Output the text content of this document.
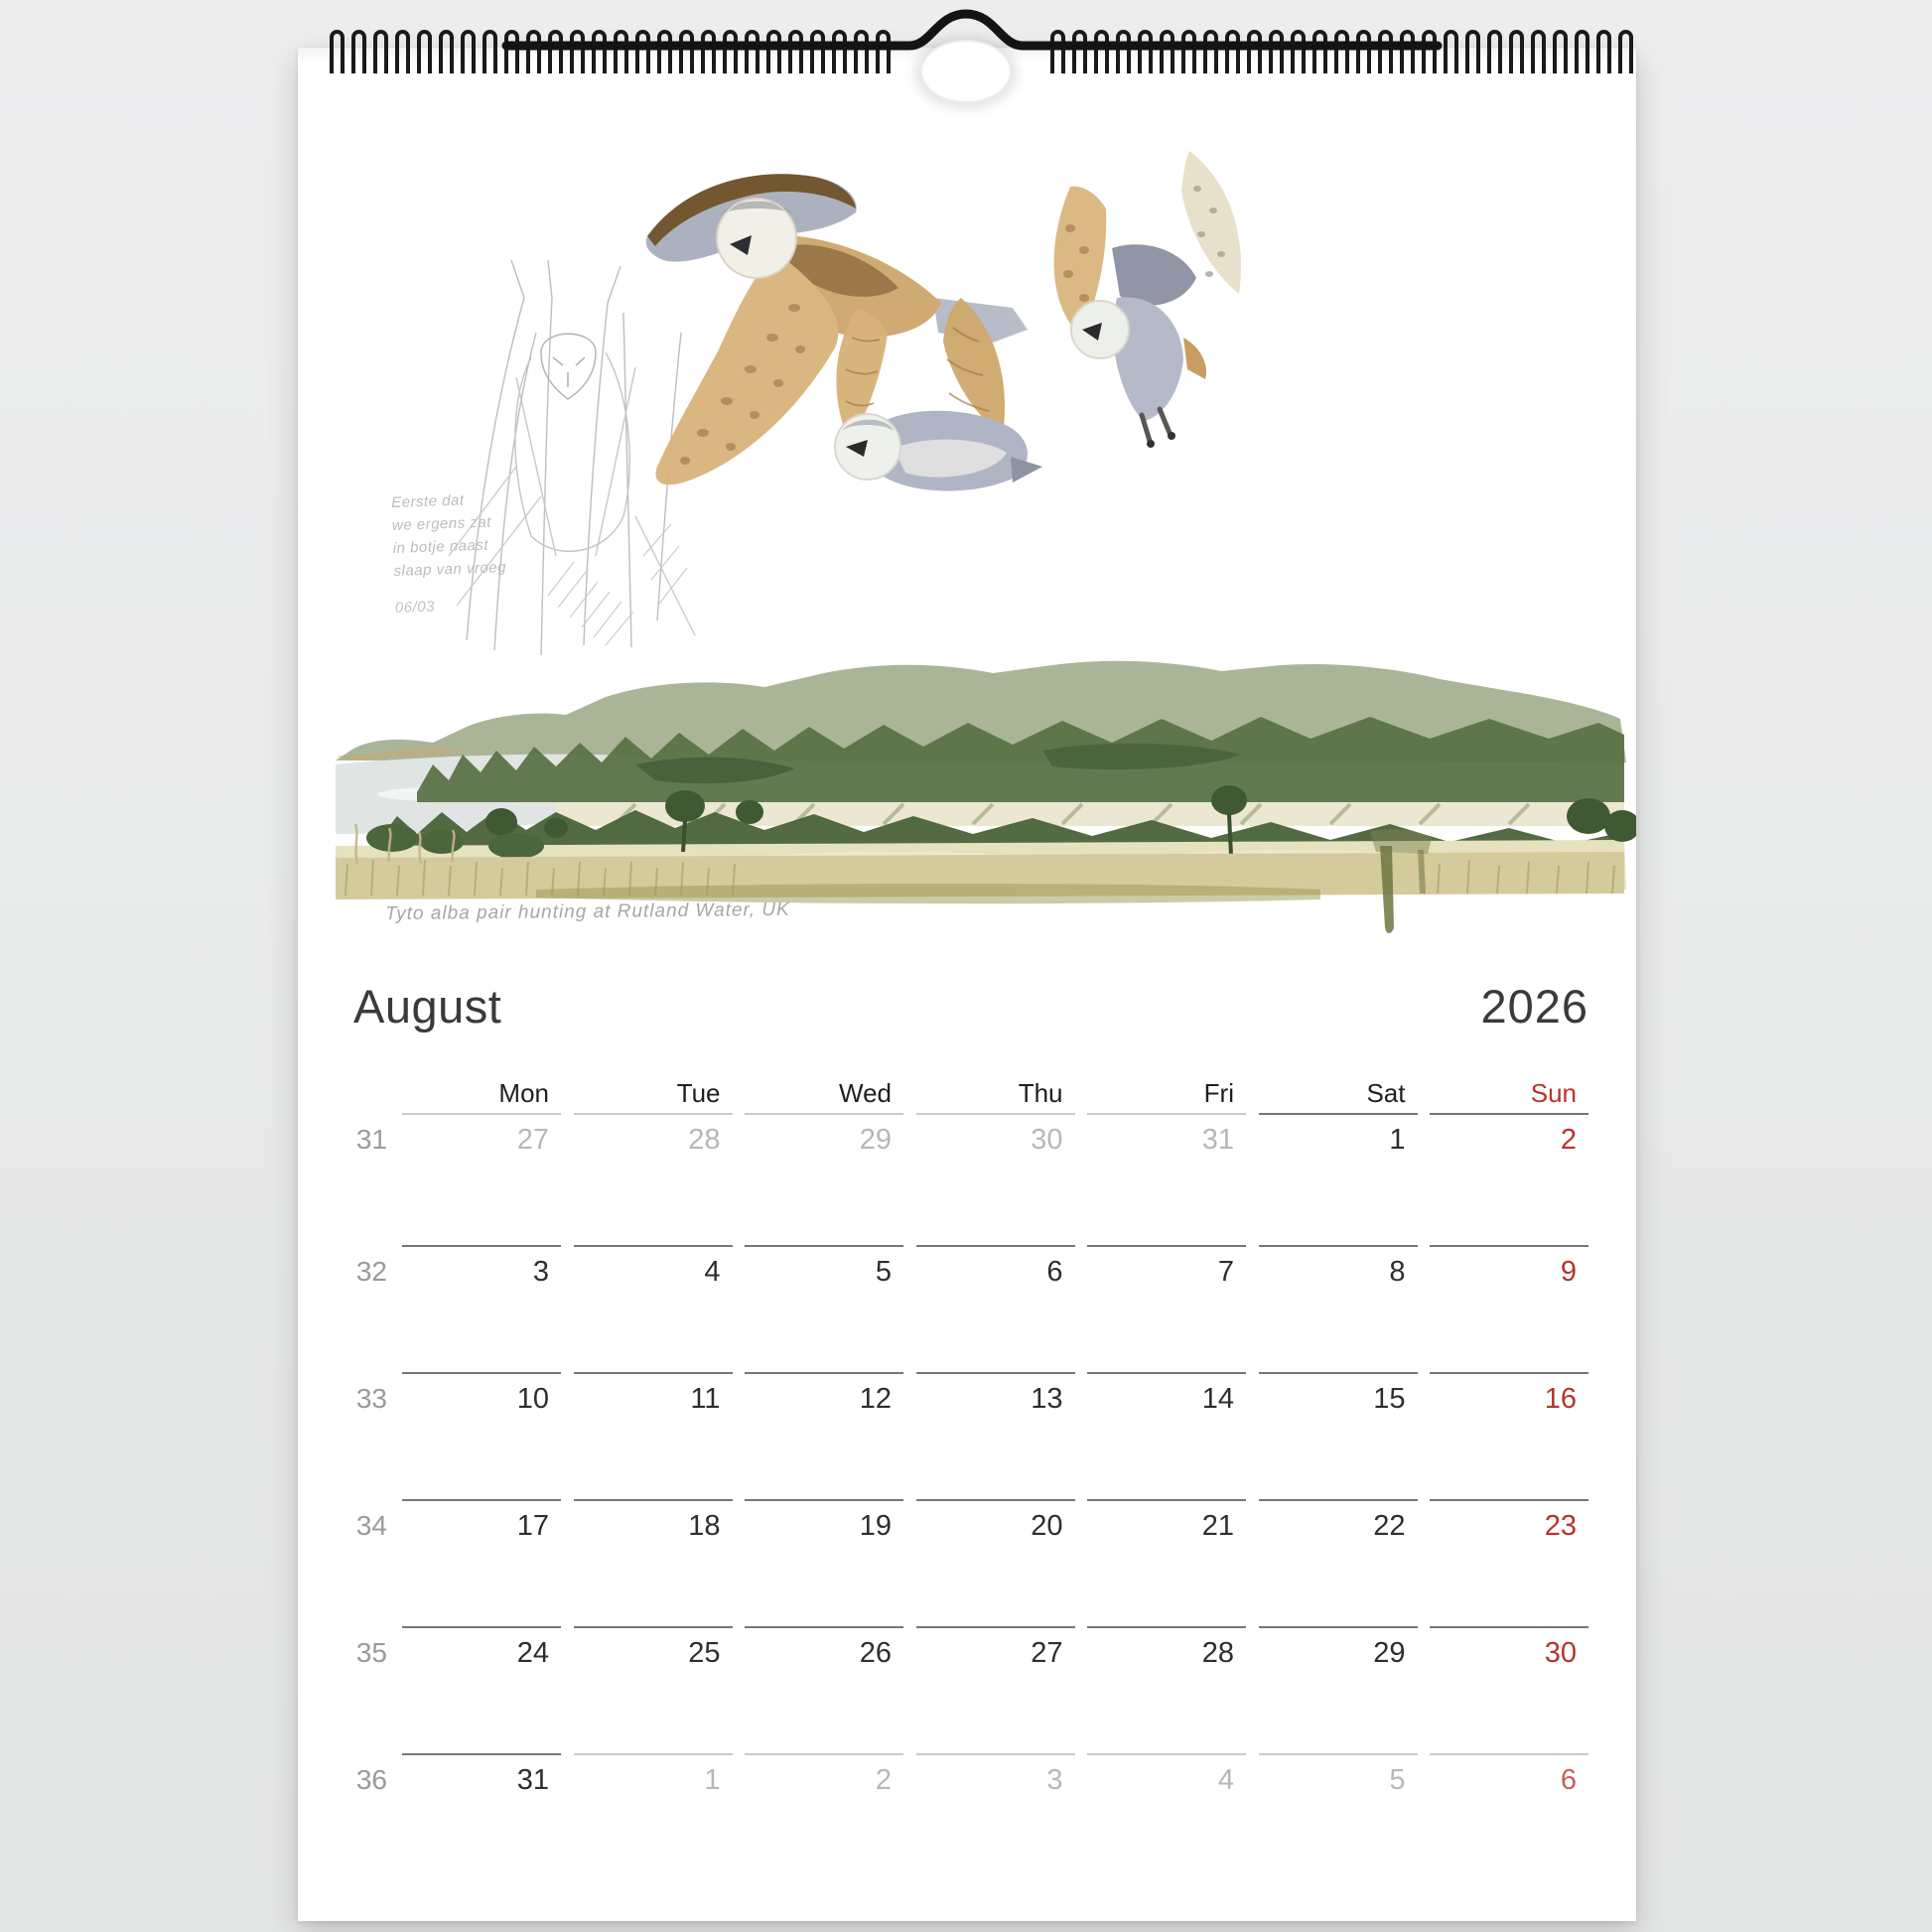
Eerste dat
we ergens zat
in botje naast
slaap van vroeg
06/03
Tyto alba pair hunting at Rutland Water, UK
August	2026
Mon	Tue	Wed	Thu	Fri	Sat	Sun
31	27	28	29	30	31	1	2
32	3	4	5	6	7	8	9
33	10	11	12	13	14	15	16
34	17	18	19	20	21	22	23
35	24	25	26	27	28	29	30
36	31	1	2	3	4	5	6
